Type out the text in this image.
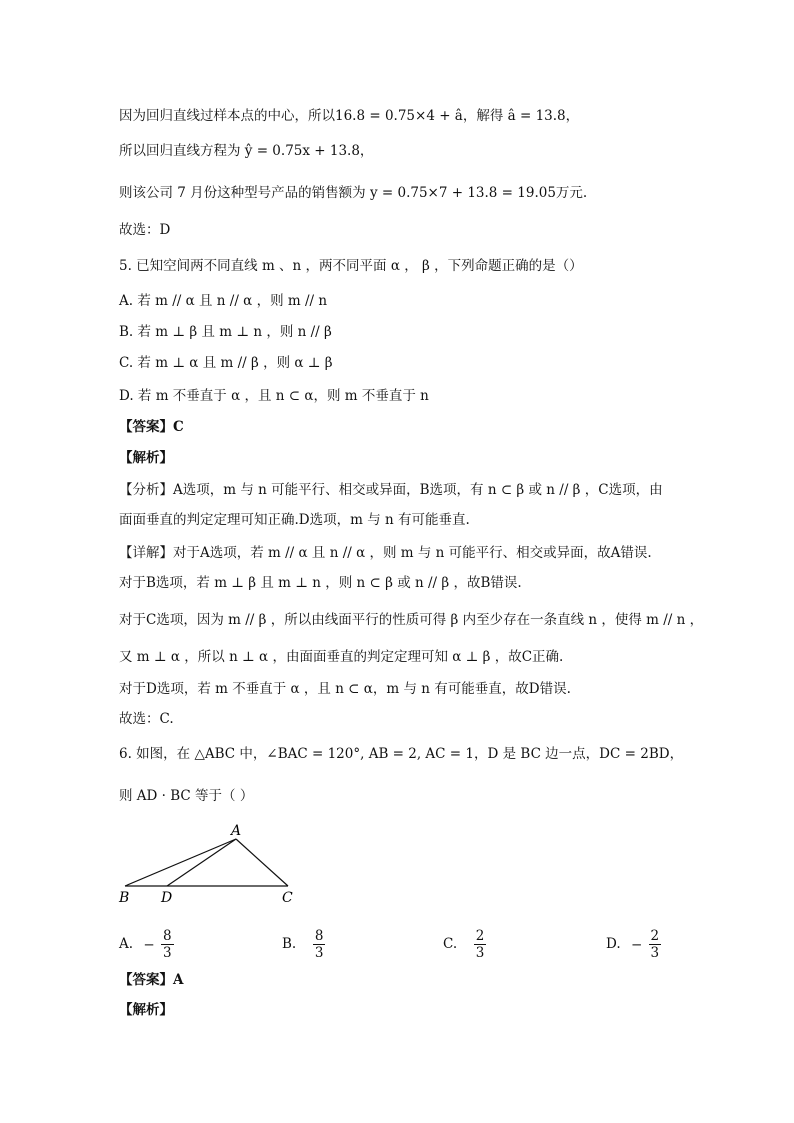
因为回归直线过样本点的中心，所以16.8 = 0.75×4 + â，解得 â = 13.8，
所以回归直线方程为 ŷ = 0.75x + 13.8，
则该公司 7 月份这种型号产品的销售额为 y = 0.75×7 + 13.8 = 19.05万元.
故选：D
5. 已知空间两不同直线 m 、n ，两不同平面 α ， β ，下列命题正确的是（）
A. 若 m // α 且 n // α ，则 m // n
B. 若 m ⊥ β 且 m ⊥ n ，则 n // β
C. 若 m ⊥ α 且 m // β ，则 α ⊥ β
D. 若 m 不垂直于 α ，且 n ⊂ α，则 m 不垂直于 n
【答案】C
【解析】
【分析】A选项，m 与 n 可能平行、相交或异面，B选项，有 n ⊂ β 或 n // β ，C选项，由
面面垂直的判定定理可知正确.D选项，m 与 n 有可能垂直.
【详解】对于A选项，若 m // α 且 n // α ，则 m 与 n 可能平行、相交或异面，故A错误.
对于B选项，若 m ⊥ β 且 m ⊥ n ，则 n ⊂ β 或 n // β ，故B错误.
对于C选项，因为 m // β ，所以由线面平行的性质可得 β 内至少存在一条直线 n ，使得 m // n ，
又 m ⊥ α ，所以 n ⊥ α ，由面面垂直的判定定理可知 α ⊥ β ，故C正确.
对于D选项，若 m 不垂直于 α ，且 n ⊂ α，m 与 n 有可能垂直，故D错误.
故选：C.
6. 如图，在 △ABC 中，∠BAC = 120°, AB = 2, AC = 1，D 是 BC 边一点，DC = 2BD，
则 AD · BC 等于（ ）
A
B D	C
A. − $\frac{8}{3}$	B. $\frac{8}{3}$	C. $\frac{2}{3}$	D. − $\frac{2}{3}$
【答案】A
【解析】
